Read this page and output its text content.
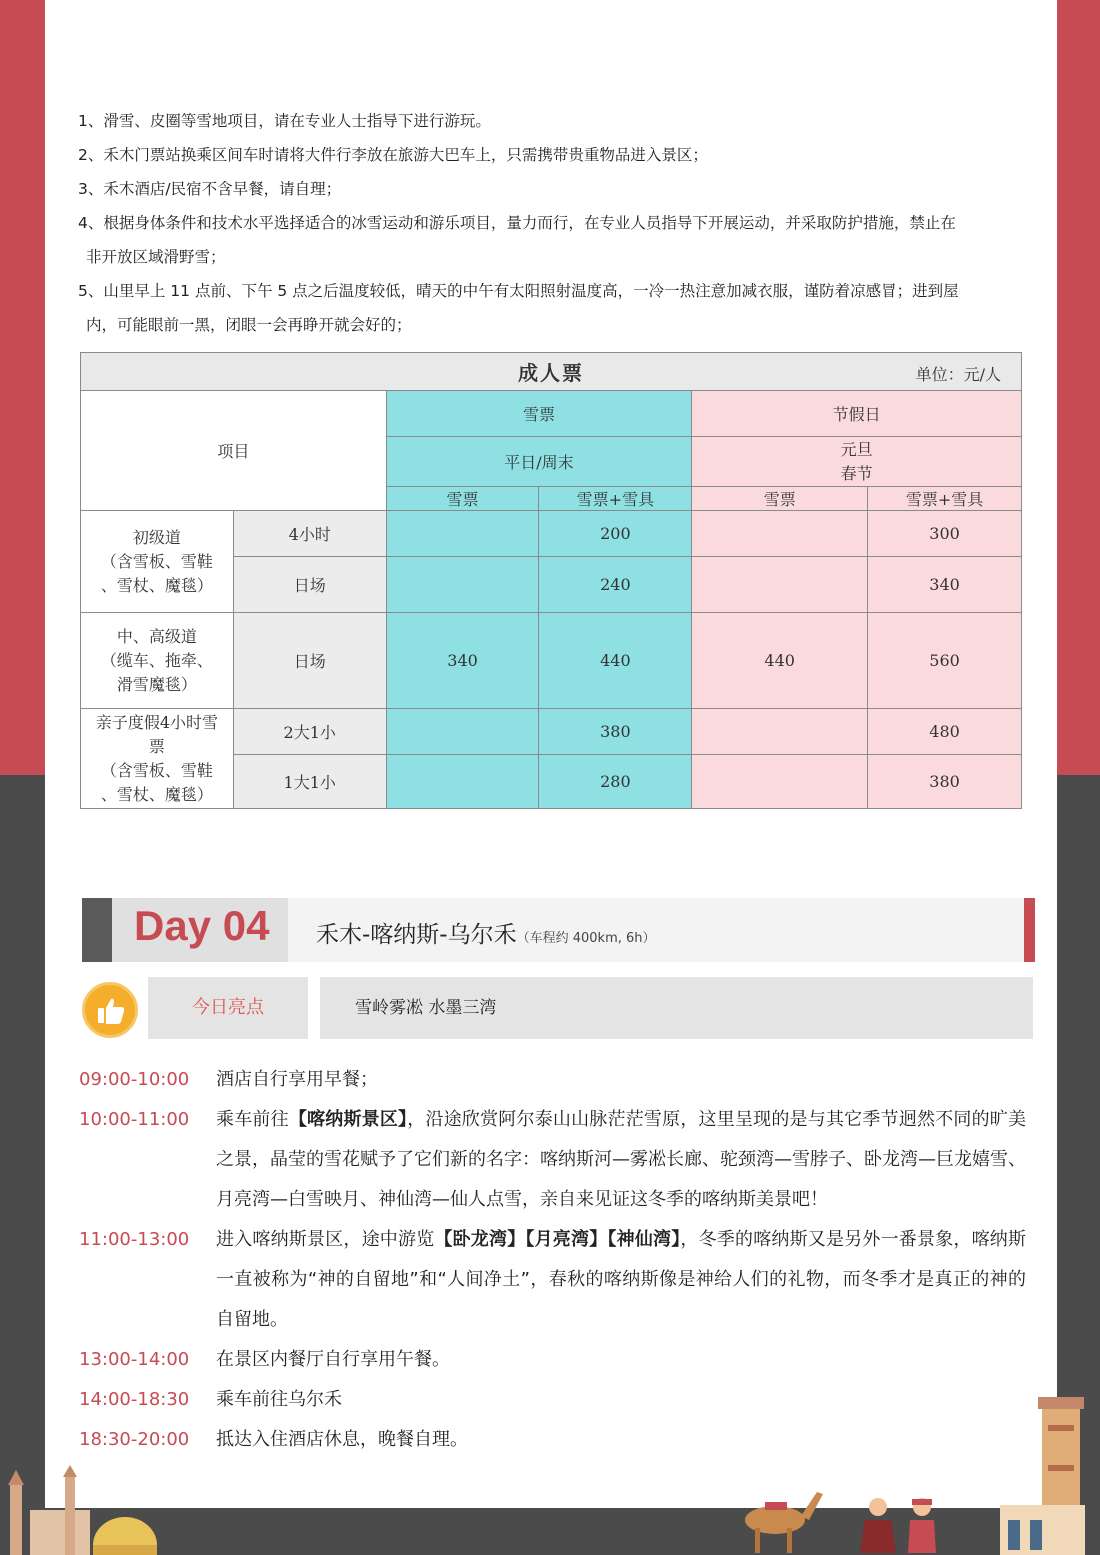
1、滑雪、皮圈等雪地项目，请在专业人士指导下进行游玩。
2、禾木门票站换乘区间车时请将大件行李放在旅游大巴车上，只需携带贵重物品进入景区；
3、禾木酒店/民宿不含早餐，请自理；
4、根据身体条件和技术水平选择适合的冰雪运动和游乐项目，量力而行，在专业人员指导下开展运动，并采取防护措施，禁止在
非开放区域滑野雪；
5、山里早上 11 点前、下午 5 点之后温度较低，晴天的中午有太阳照射温度高，一冷一热注意加减衣服，谨防着凉感冒；进到屋
内，可能眼前一黑，闭眼一会再睁开就会好的；
成人票 单位：元/人					

项目		雪票		节假日	
		平日/周末		元旦
春节	

		雪票	雪票+雪具	雪票	雪票+雪具

初级道
（含雪板、雪鞋
、雪杖、魔毯）	4小时		200		300
	日场		240		340

中、高级道
（缆车、拖牵、
滑雪魔毯）	日场	340	440	440	560

亲子度假4小时雪
票
（含雪板、雪鞋
、雪杖、魔毯）	2大1小		380		480
	1大1小		280		380
Day 04 禾木-喀纳斯-乌尔禾（车程约 400km, 6h）
今日亮点	雪岭雾凇 水墨三湾
09:00-10:00	酒店自行享用早餐；
10:00-11:00	乘车前往【喀纳斯景区】，沿途欣赏阿尔泰山山脉茫茫雪原，这里呈现的是与其它季节迥然不同的旷美之景，晶莹的雪花赋予了它们新的名字：喀纳斯河—雾凇长廊、驼颈湾—雪脖子、卧龙湾—巨龙嬉雪、月亮湾—白雪映月、神仙湾—仙人点雪，亲自来见证这冬季的喀纳斯美景吧！
11:00-13:00	进入喀纳斯景区，途中游览【卧龙湾】【月亮湾】【神仙湾】，冬季的喀纳斯又是另外一番景象，喀纳斯一直被称为“神的自留地”和“人间净土”，春秋的喀纳斯像是神给人们的礼物，而冬季才是真正的神的自留地。
13:00-14:00	在景区内餐厅自行享用午餐。
14:00-18:30	乘车前往乌尔禾
18:30-20:00	抵达入住酒店休息，晚餐自理。
